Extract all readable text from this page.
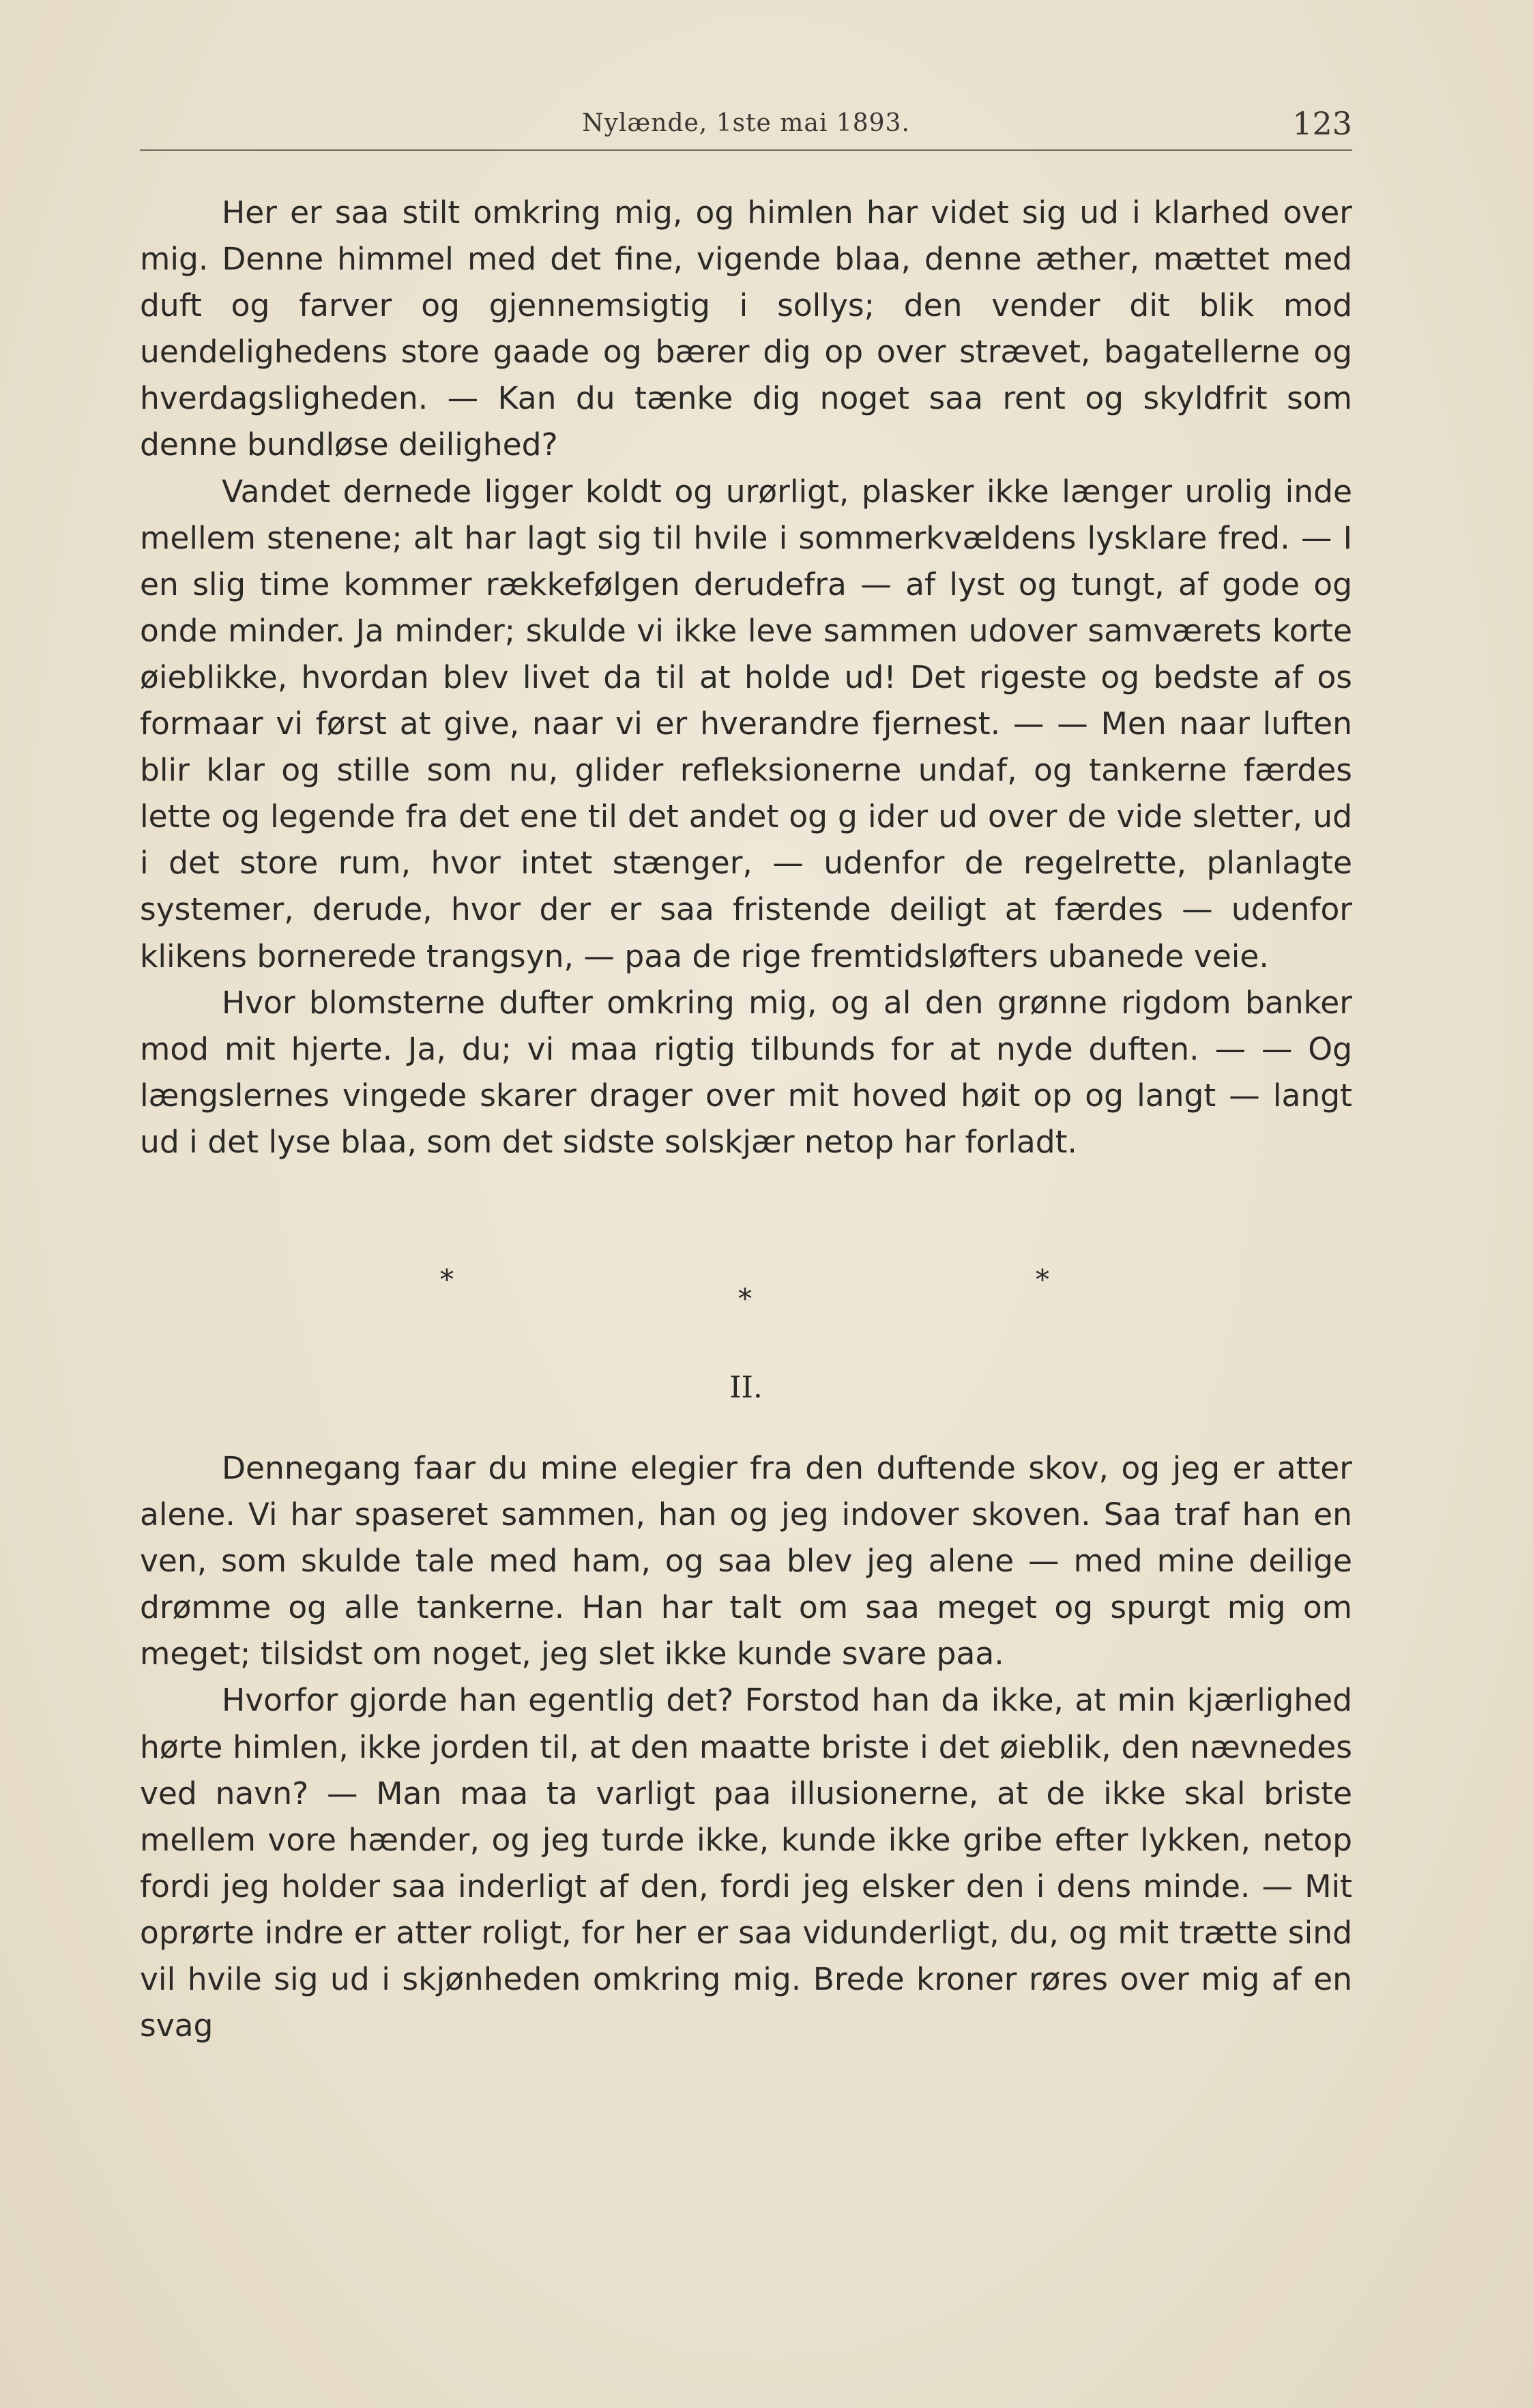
Nylænde, 1ste mai 1893.	123

Her er saa stilt omkring mig, og himlen har videt sig ud i klarhed over mig. Denne himmel med det fine, vigende blaa, denne æther, mættet med duft og farver og gjennemsigtig i sollys; den vender dit blik mod uendelighedens store gaade og bærer dig op over strævet, bagatellerne og hverdagsligheden. — Kan du tænke dig noget saa rent og skyldfrit som denne bundløse deilighed?

Vandet dernede ligger koldt og urørligt, plasker ikke længer urolig inde mellem stenene; alt har lagt sig til hvile i sommerkvældens lysklare fred. — I en slig time kommer rækkefølgen derudefra — af lyst og tungt, af gode og onde minder. Ja minder; skulde vi ikke leve sammen udover samværets korte øieblikke, hvordan blev livet da til at holde ud! Det rigeste og bedste af os formaar vi først at give, naar vi er hverandre fjernest. — — Men naar luften blir klar og stille som nu, glider refleksionerne undaf, og tankerne færdes lette og legende fra det ene til det andet og g ider ud over de vide sletter, ud i det store rum, hvor intet stænger, — udenfor de regelrette, planlagte systemer, derude, hvor der er saa fristende deiligt at færdes — udenfor klikens bornerede trangsyn, — paa de rige fremtidsløfters ubanede veie.

Hvor blomsterne dufter omkring mig, og al den grønne rigdom banker mod mit hjerte. Ja, du; vi maa rigtig tilbunds for at nyde duften. — — Og længslernes vingede skarer drager over mit hoved høit op og langt — langt ud i det lyse blaa, som det sidste solskjær netop har forladt.

*
*
*
II.

Dennegang faar du mine elegier fra den duftende skov, og jeg er atter alene. Vi har spaseret sammen, han og jeg indover skoven. Saa traf han en ven, som skulde tale med ham, og saa blev jeg alene — med mine deilige drømme og alle tankerne. Han har talt om saa meget og spurgt mig om meget; tilsidst om noget, jeg slet ikke kunde svare paa.

Hvorfor gjorde han egentlig det? Forstod han da ikke, at min kjærlighed hørte himlen, ikke jorden til, at den maatte briste i det øieblik, den nævnedes ved navn? — Man maa ta varligt paa illusionerne, at de ikke skal briste mellem vore hænder, og jeg turde ikke, kunde ikke gribe efter lykken, netop fordi jeg holder saa inderligt af den, fordi jeg elsker den i dens minde. — Mit oprørte indre er atter roligt, for her er saa vidunderligt, du, og mit trætte sind vil hvile sig ud i skjønheden omkring mig. Brede kroner røres over mig af en svag
